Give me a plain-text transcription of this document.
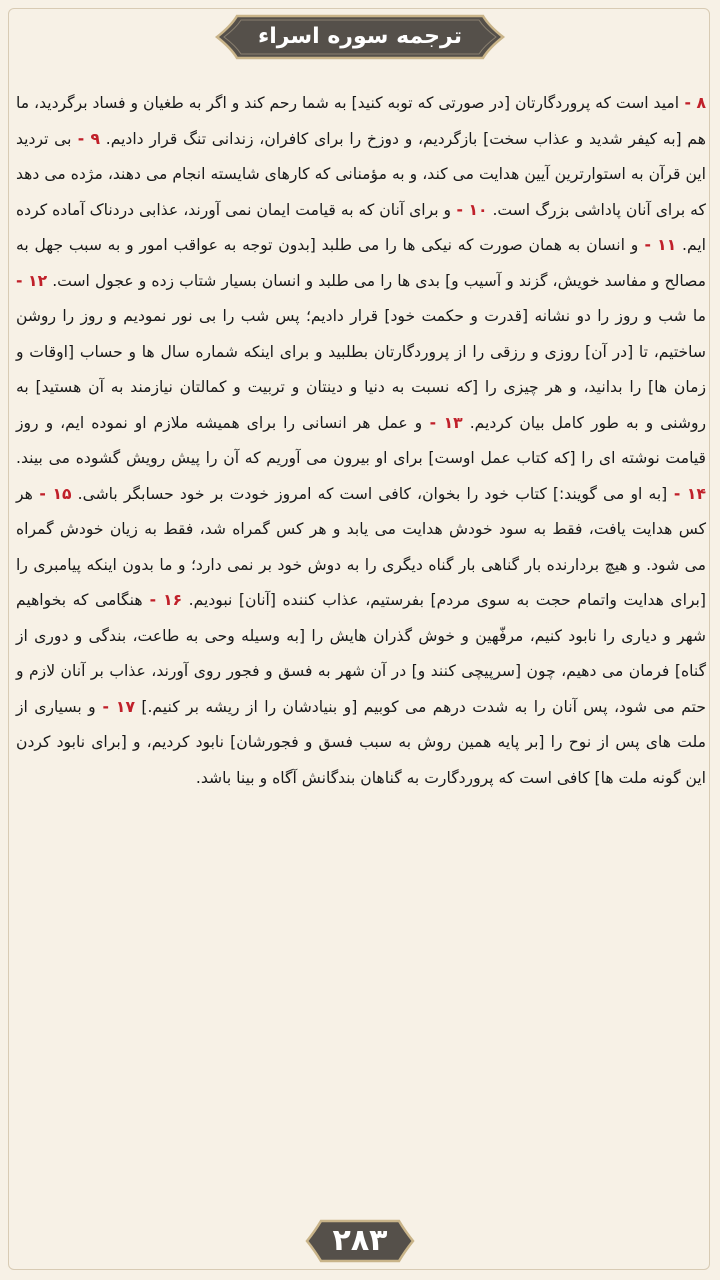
ترجمه سوره اسراء
۸ - امید است که پروردگارتان [در صورتی که توبه کنید] به شما رحم کند و اگر به طغیان و فساد برگردید، ما هم [به کیفر شدید و عذاب سخت] بازگردیم، و دوزخ را برای کافران، زندانی تنگ قرار دادیم. ۹ - بی تردید این قرآن به استوارترین آیین هدایت می کند، و به مؤمنانی که کارهای شایسته انجام می دهند، مژده می دهد که برای آنان پاداشی بزرگ است. ۱۰ - و برای آنان که به قیامت ایمان نمی آورند، عذابی دردناک آماده کرده ایم. ۱۱ - و انسان به همان صورت که نیکی ها را می طلبد [بدون توجه به عواقب امور و به سبب جهل به مصالح و مفاسد خویش، گزند و آسیب و] بدی ها را می طلبد و انسان بسیار شتاب زده و عجول است. ۱۲ - ما شب و روز را دو نشانه [قدرت و حکمت خود] قرار دادیم؛ پس شب را بی نور نمودیم و روز را روشن ساختیم، تا [در آن] روزی و رزقی را از پروردگارتان بطلبید و برای اینکه شماره سال ها و حساب [اوقات و زمان ها] را بدانید، و هر چیزی را [که نسبت به دنیا و دینتان و تربیت و کمالتان نیازمند به آن هستید] به روشنی و به طور کامل بیان کردیم. ۱۳ - و عمل هر انسانی را برای همیشه ملازم او نموده ایم، و روز قیامت نوشته ای را [که کتاب عمل اوست] برای او بیرون می آوریم که آن را پیش رویش گشوده می بیند. ۱۴ - [به او می گویند:] کتاب خود را بخوان، کافی است که امروز خودت بر خود حسابگر باشی. ۱۵ - هر کس هدایت یافت، فقط به سود خودش هدایت می یابد و هر کس گمراه شد، فقط به زیان خودش گمراه می شود. و هیچ بردارنده بار گناهی بار گناه دیگری را به دوش خود بر نمی دارد؛ و ما بدون اینکه پیامبری را [برای هدایت واتمام حجت به سوی مردم] بفرستیم، عذاب کننده [آنان] نبودیم. ۱۶ - هنگامی که بخواهیم شهر و دیاری را نابود کنیم، مرفّهین و خوش گذران هایش را [به وسیله وحی به طاعت، بندگی و دوری از گناه] فرمان می دهیم، چون [سرپیچی کنند و] در آن شهر به فسق و فجور روی آورند، عذاب بر آنان لازم و حتم می شود، پس آنان را به شدت درهم می کوبیم [و بنیادشان را از ریشه بر کنیم.] ۱۷ - و بسیاری از ملت های پس از نوح را [بر پایه همین روش به سبب فسق و فجورشان] نابود کردیم، و [برای نابود کردن این گونه ملت ها] کافی است که پروردگارت به گناهان بندگانش آگاه و بینا باشد.
۲۸۳
